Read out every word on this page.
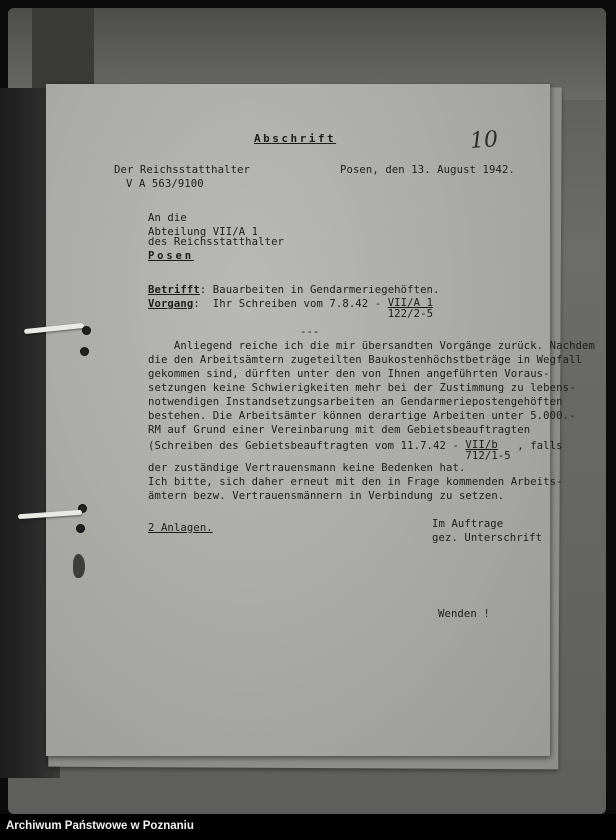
Abschrift	10
Der Reichsstatthalter
V A 563/9100
Posen, den 13. August 1942.
An die
Abteilung VII/A 1
des Reichsstatthalter
Posen
Betrifft: Bauarbeiten in Gendarmeriegehöften.
Vorgang:  Ihr Schreiben vom $7.8.42 - \frac{\text{VII/A 1}}{122/2-5}$
---
Anliegend reiche ich die mir übersandten Vorgänge zurück. Nachdem
die den Arbeitsämtern zugeteilten Baukostenhöchstbeträge in Wegfall
gekommen sind, dürften unter den von Ihnen angeführten Voraus-
setzungen keine Schwierigkeiten mehr bei der Zustimmung zu lebens-
notwendigen Instandsetzungsarbeiten an Gendarmeriepostengehöften
bestehen. Die Arbeitsämter können derartige Arbeiten unter 5.000.-
RM auf Grund einer Vereinbarung mit dem Gebietsbeauftragten
(Schreiben des Gebietsbeauftragten vom $11.7.42 - \frac{\text{VII/b}}{712/1-5}$ , falls
der zuständige Vertrauensmann keine Bedenken hat.
Ich bitte, sich daher erneut mit den in Frage kommenden Arbeits-
ämtern bezw. Vertrauensmännern in Verbindung zu setzen.
2 Anlagen.	Im Auftrage
gez. Unterschrift
Wenden !
Archiwum Państwowe w Poznaniu
